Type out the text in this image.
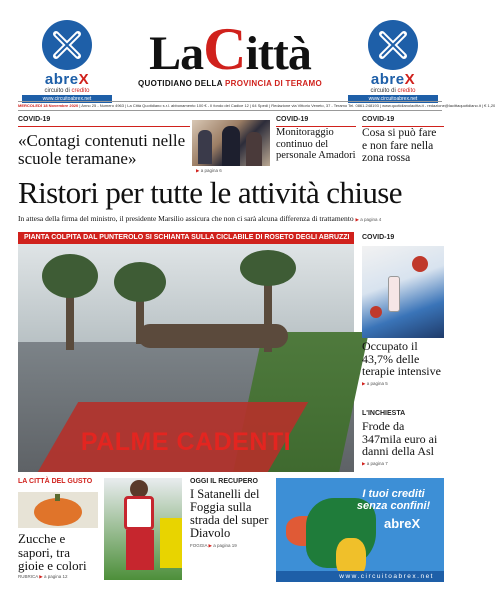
abreX
circuito di credito
www.circuitoabrex.net
LaCittà
QUOTIDIANO DELLA PROVINCIA DI TERAMO	abreX
circuito di credito
www.circuitoabrex.net
MERCOLEDÌ 18 Novembre 2020 | Anno 25 - Numero 4963 | La Città Quotidiano s.r.l. abbonamento 100 € - Il fondo del Cadice 12 | 64 Spedi | Redazione via Vittorio Veneto, 37 - Teramo Tel. 0861.248193 | www.quotidianolacitta.it - redazione@lacittaquotidiano.it | € 1,20
COVID-19
«Contagi contenuti nelle scuole teramane»
▶ a pagina 6
COVID-19
Monitoraggio continuo del personale Amadori
COVID-19
Cosa si può fare e non fare nella zona rossa
Ristori per tutte le attività chiuse
In attesa della firma del ministro, il presidente Marsilio assicura che non ci sarà alcuna differenza di trattamento ▶ a pagina 4
PIANTA COLPITA DAL PUNTEROLO SI SCHIANTA SULLA CICLABILE DI ROSETO DEGLI ABRUZZI
PALME CADENTI
COVID-19
Occupato il 43,7% delle terapie intensive
▶ a pagina 5
L'INCHIESTA
Frode da 347mila euro ai danni della Asl
▶ a pagina 7
LA CITTÀ DEL GUSTO
Zucche e sapori, tra gioie e colori
RUBRICA ▶ a pagina 12
OGGI IL RECUPERO
I Satanelli del Foggia sulla strada del super Diavolo
FOGGIA ▶ a pagina 19
I tuoi crediti senza confini!
abreX
www.circuitoabrex.net
